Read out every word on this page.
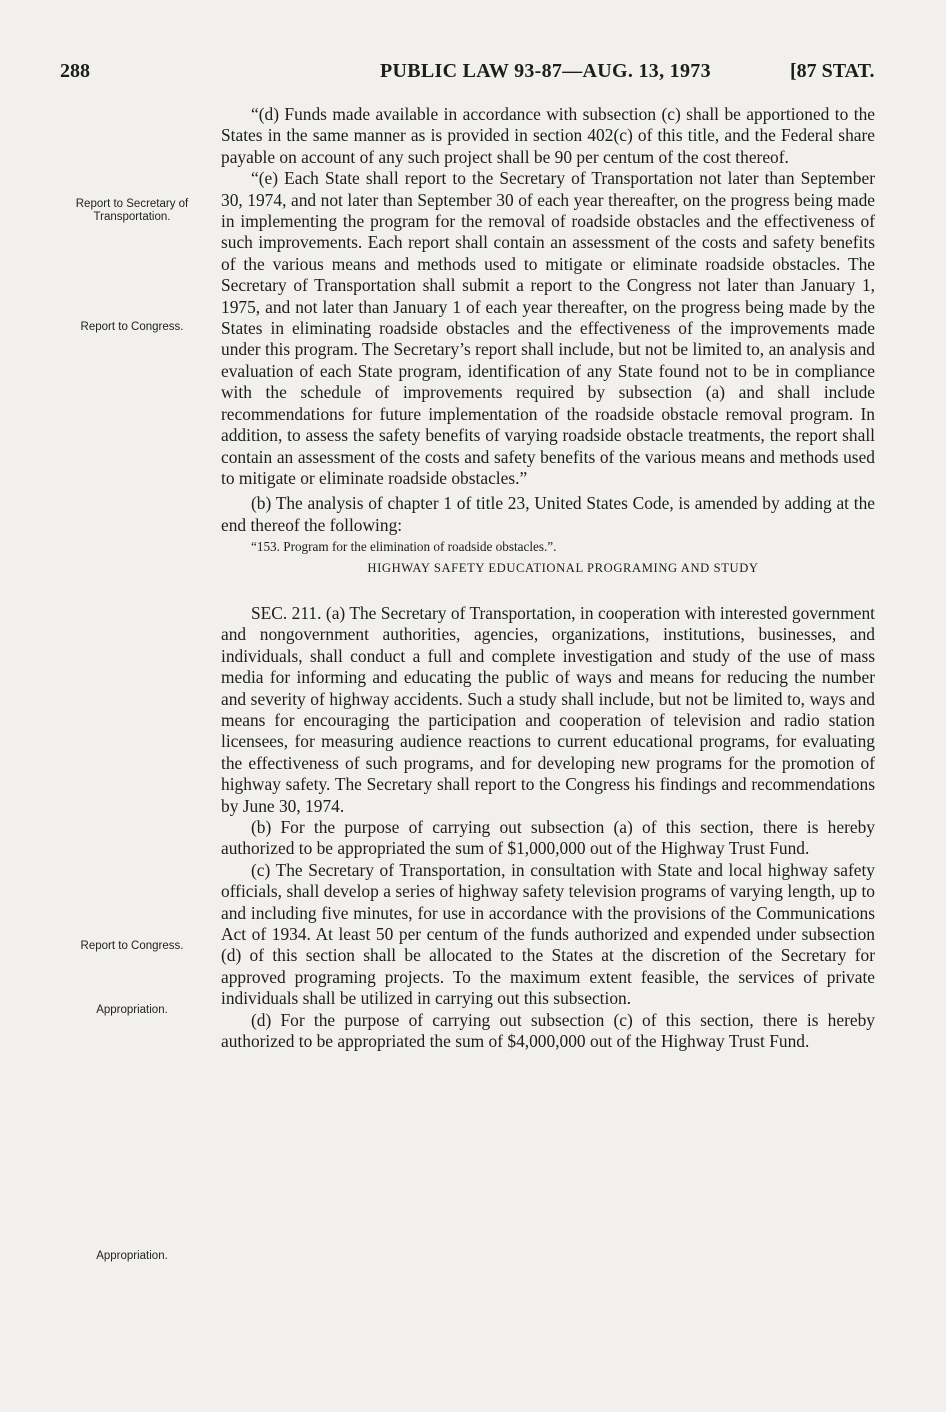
288	PUBLIC LAW 93-87—AUG. 13, 1973	[87 STAT.
Report to Secretary of Transportation.
Report to Congress.
Report to Congress.
Appropriation.
Appropriation.

“(d) Funds made available in accordance with subsection (c) shall be apportioned to the States in the same manner as is provided in section 402(c) of this title, and the Federal share payable on account of any such project shall be 90 per centum of the cost thereof.

“(e) Each State shall report to the Secretary of Transportation not later than September 30, 1974, and not later than September 30 of each year thereafter, on the progress being made in implementing the program for the removal of roadside obstacles and the effectiveness of such improvements. Each report shall contain an assessment of the costs and safety benefits of the various means and methods used to mitigate or eliminate roadside obstacles. The Secretary of Transportation shall submit a report to the Congress not later than January 1, 1975, and not later than January 1 of each year thereafter, on the progress being made by the States in eliminating roadside obstacles and the effectiveness of the improvements made under this program. The Secretary’s report shall include, but not be limited to, an analysis and evaluation of each State program, identification of any State found not to be in compliance with the schedule of improvements required by subsection (a) and shall include recommendations for future implementation of the roadside obstacle removal program. In addition, to assess the safety benefits of varying roadside obstacle treatments, the report shall contain an assessment of the costs and safety benefits of the various means and methods used to mitigate or eliminate roadside obstacles.”

(b) The analysis of chapter 1 of title 23, United States Code, is amended by adding at the end thereof the following:

“153. Program for the elimination of roadside obstacles.”.

HIGHWAY SAFETY EDUCATIONAL PROGRAMING AND STUDY

SEC. 211. (a) The Secretary of Transportation, in cooperation with interested government and nongovernment authorities, agencies, organizations, institutions, businesses, and individuals, shall conduct a full and complete investigation and study of the use of mass media for informing and educating the public of ways and means for reducing the number and severity of highway accidents. Such a study shall include, but not be limited to, ways and means for encouraging the participation and cooperation of television and radio station licensees, for measuring audience reactions to current educational programs, for evaluating the effectiveness of such programs, and for developing new programs for the promotion of highway safety. The Secretary shall report to the Congress his findings and recommendations by June 30, 1974.

(b) For the purpose of carrying out subsection (a) of this section, there is hereby authorized to be appropriated the sum of $1,000,000 out of the Highway Trust Fund.

(c) The Secretary of Transportation, in consultation with State and local highway safety officials, shall develop a series of highway safety television programs of varying length, up to and including five minutes, for use in accordance with the provisions of the Communications Act of 1934. At least 50 per centum of the funds authorized and expended under subsection (d) of this section shall be allocated to the States at the discretion of the Secretary for approved programing projects. To the maximum extent feasible, the services of private individuals shall be utilized in carrying out this subsection.

(d) For the purpose of carrying out subsection (c) of this section, there is hereby authorized to be appropriated the sum of $4,000,000 out of the Highway Trust Fund.
